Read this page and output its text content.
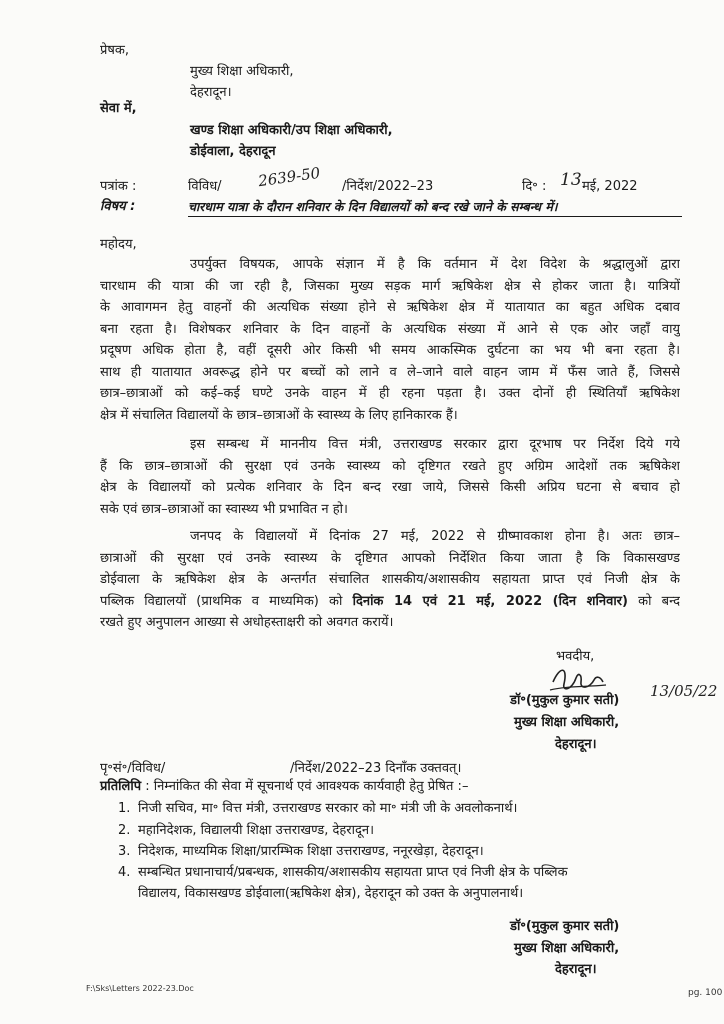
प्रेषक,
मुख्य शिक्षा अधिकारी,
देहरादून।
सेवा में,
खण्ड शिक्षा अधिकारी/उप शिक्षा अधिकारी,
डोईवाला, देहरादून
पत्रांक :	विविध/ 2639-50 /निर्देश/2022–23	दि॰ : 13 मई, 2022
विषय :	चारधाम यात्रा के दौरान शनिवार के दिन विद्यालयों को बन्द रखे जाने के सम्बन्ध में।
महोदय,
उपर्युक्त विषयक, आपके संज्ञान में है कि वर्तमान में देश विदेश के श्रद्धालुओं द्वारा
चारधाम की यात्रा की जा रही है, जिसका मुख्य सड़क मार्ग ऋषिकेश क्षेत्र से होकर जाता है। यात्रियों
के आवागमन हेतु वाहनों की अत्यधिक संख्या होने से ऋषिकेश क्षेत्र में यातायात का बहुत अधिक दबाव
बना रहता है। विशेषकर शनिवार के दिन वाहनों के अत्यधिक संख्या में आने से एक ओर जहाँ वायु
प्रदूषण अधिक होता है, वहीं दूसरी ओर किसी भी समय आकस्मिक दुर्घटना का भय भी बना रहता है।
साथ ही यातायात अवरूद्ध होने पर बच्चों को लाने व ले–जाने वाले वाहन जाम में फँस जाते हैं, जिससे
छात्र–छात्राओं को कई–कई घण्टे उनके वाहन में ही रहना पड़ता है। उक्त दोनों ही स्थितियाँ ऋषिकेश
क्षेत्र में संचालित विद्यालयों के छात्र–छात्राओं के स्वास्थ्य के लिए हानिकारक हैं।
इस सम्बन्ध में माननीय वित्त मंत्री, उत्तराखण्ड सरकार द्वारा दूरभाष पर निर्देश दिये गये
हैं कि छात्र–छात्राओं की सुरक्षा एवं उनके स्वास्थ्य को दृष्टिगत रखते हुए अग्रिम आदेशों तक ऋषिकेश
क्षेत्र के विद्यालयों को प्रत्येक शनिवार के दिन बन्द रखा जाये, जिससे किसी अप्रिय घटना से बचाव हो
सके एवं छात्र–छात्राओं का स्वास्थ्य भी प्रभावित न हो।
जनपद के विद्यालयों में दिनांक 27 मई, 2022 से ग्रीष्मावकाश होना है। अतः छात्र–
छात्राओं की सुरक्षा एवं उनके स्वास्थ्य के दृष्टिगत आपको निर्देशित किया जाता है कि विकासखण्ड
डोईवाला के ऋषिकेश क्षेत्र के अन्तर्गत संचालित शासकीय/अशासकीय सहायता प्राप्त एवं निजी क्षेत्र के
पब्लिक विद्यालयों (प्राथमिक व माध्यमिक) को दिनांक 14 एवं 21 मई, 2022 (दिन शनिवार) को बन्द
रखते हुए अनुपालन आख्या से अधोहस्ताक्षरी को अवगत करायें।
भवदीय,
डॉ॰(मुकुल कुमार सती)
13/05/22
मुख्य शिक्षा अधिकारी,
देहरादून।
पृ॰सं॰/विविध/	/निर्देश/2022–23 दिनाँक उक्तवत्।
प्रतिलिपि : निम्नांकित की सेवा में सूचनार्थ एवं आवश्यक कार्यवाही हेतु प्रेषित :–
1. निजी सचिव, मा॰ वित्त मंत्री, उत्तराखण्ड सरकार को मा॰ मंत्री जी के अवलोकनार्थ।
2. महानिदेशक, विद्यालयी शिक्षा उत्तराखण्ड, देहरादून।
3. निदेशक, माध्यमिक शिक्षा/प्रारम्भिक शिक्षा उत्तराखण्ड, ननूरखेड़ा, देहरादून।
4. सम्बन्धित प्रधानाचार्य/प्रबन्धक, शासकीय/अशासकीय सहायता प्राप्त एवं निजी क्षेत्र के पब्लिक
विद्यालय, विकासखण्ड डोईवाला(ऋषिकेश क्षेत्र), देहरादून को उक्त के अनुपालनार्थ।
डॉ॰(मुकुल कुमार सती)
मुख्य शिक्षा अधिकारी,
देहरादून।
F:\Sks\Letters 2022-23.Doc	pg. 100
